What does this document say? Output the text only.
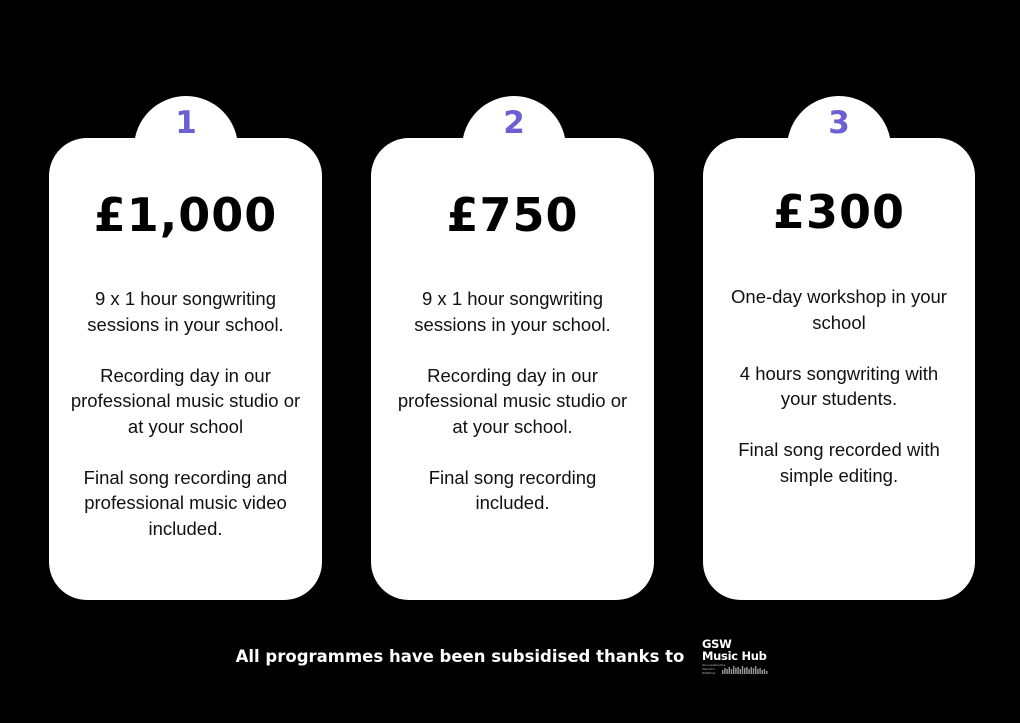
1
£1,000
9 x 1 hour songwriting
sessions in your school.

Recording day in our
professional music studio or
at your school

Final song recording and
professional music video
included.
2
£750
9 x 1 hour songwriting
sessions in your school.

Recording day in our
professional music studio or
at your school.

Final song recording
included.
3
£300
One-day workshop in your
school

4 hours songwriting with
your students.

Final song recorded with
simple editing.
All programmes have been subsidised thanks to
GSW
Music Hub
Gloucestershire Swindon Wiltshire
